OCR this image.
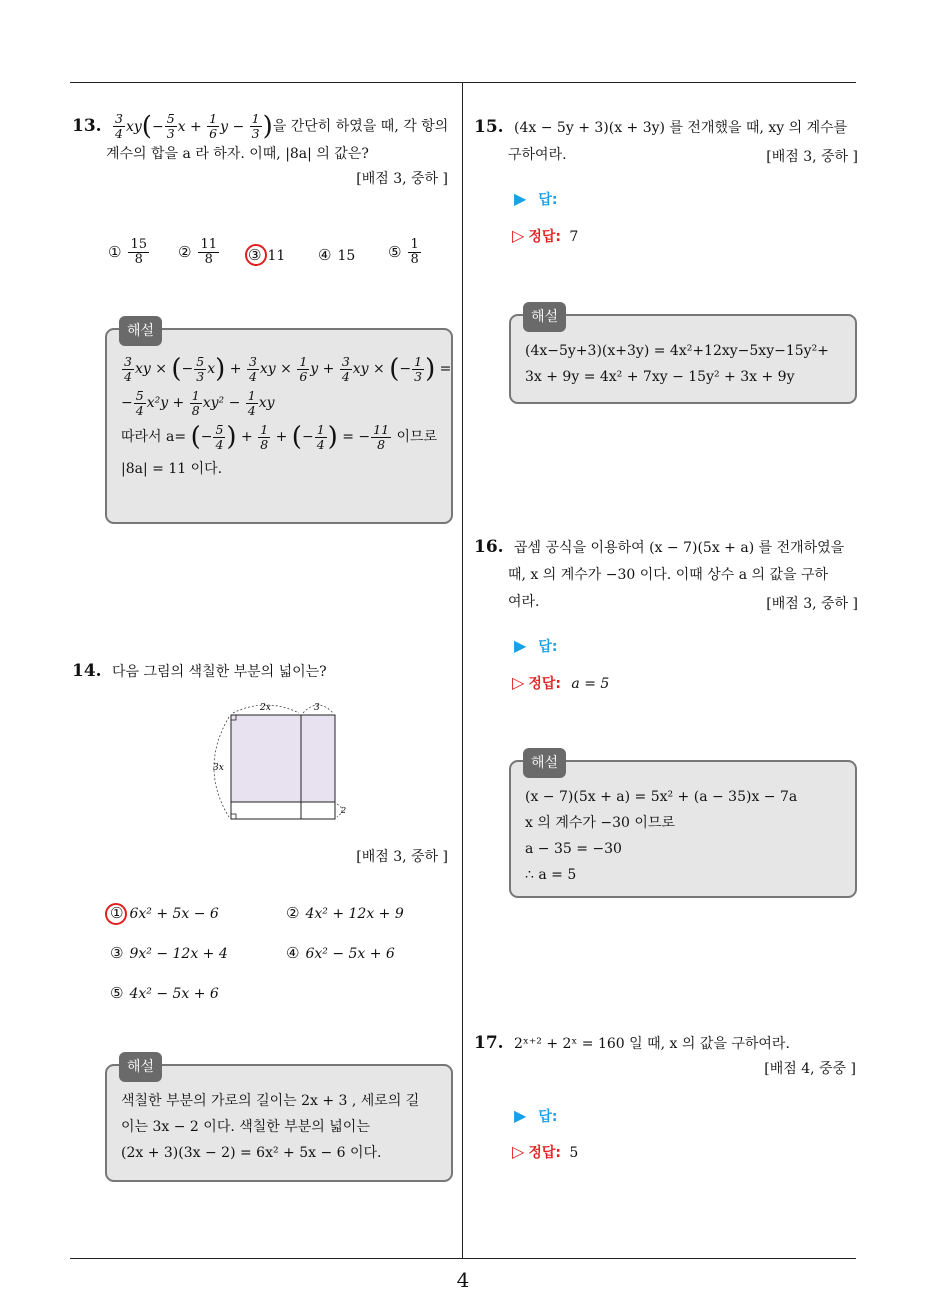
13. $\frac{3}{4} xy(- \frac{5}{3}$ $x + \frac{1}{6}$ $y - \frac{1}{3}$ )을 간단히 하였을 때, 각 항의
계수의 합을 a 라 하자. 이때, |8a| 의 값은?
[배점 3, 중하 ]
① $\frac{15}{8}$ ② $\frac{11}{8}$ ③ 11 ④ 15 ⑤ $\frac{1}{8}$
해설
$\frac{3}{4}$ xy × (− $\frac{5}{3} x) + \frac{3}{4}$ xy × $\frac{1}{6}$ $y + \frac{3}{4}$ xy × (− $\frac{1}{3}$ ) =
− $\frac{5}{4} x^2y + \frac{1}{8} xy^2 - \frac{1}{4}$ xy
따라서 a= (− $\frac{5}{4}$ ) + $\frac{1}{8}$ + (− $\frac{1}{4}$ ) = − $\frac{11}{8}$ 이므로
|8a| = 11 이다.
14. 다음 그림의 색칠한 부분의 넓이는?
2x	3
3x
2
[배점 3, 중하 ]
① 6x² + 5x − 6	② 4x² + 12x + 9
③ 9x² − 12x + 4	④ 6x² − 5x + 6
⑤ 4x² − 5x + 6
해설
색칠한 부분의 가로의 길이는 2x + 3 , 세로의 길
이는 3x − 2 이다. 색칠한 부분의 넓이는
(2x + 3)(3x − 2) = 6x² + 5x − 6 이다.
15. (4x − 5y + 3)(x + 3y) 를 전개했을 때, xy 의 계수를
구하여라.	[배점 3, 중하 ]
▶ 답:
▷ 정답: 7
해설
(4x−5y+3)(x+3y) = 4x²+12xy−5xy−15y²+
3x + 9y = 4x² + 7xy − 15y² + 3x + 9y
16. 곱셈 공식을 이용하여 (x − 7)(5x + a) 를 전개하였을
때, x 의 계수가 −30 이다. 이때 상수 a 의 값을 구하
여라.	[배점 3, 중하 ]
▶ 답:
▷ 정답: a = 5
해설
(x − 7)(5x + a) = 5x² + (a − 35)x − 7a
x 의 계수가 −30 이므로
a − 35 = −30
∴ a = 5
17. 2ˣ⁺² + 2ˣ = 160 일 때, x 의 값을 구하여라.
[배점 4, 중중 ]
▶ 답:
▷ 정답: 5
4
